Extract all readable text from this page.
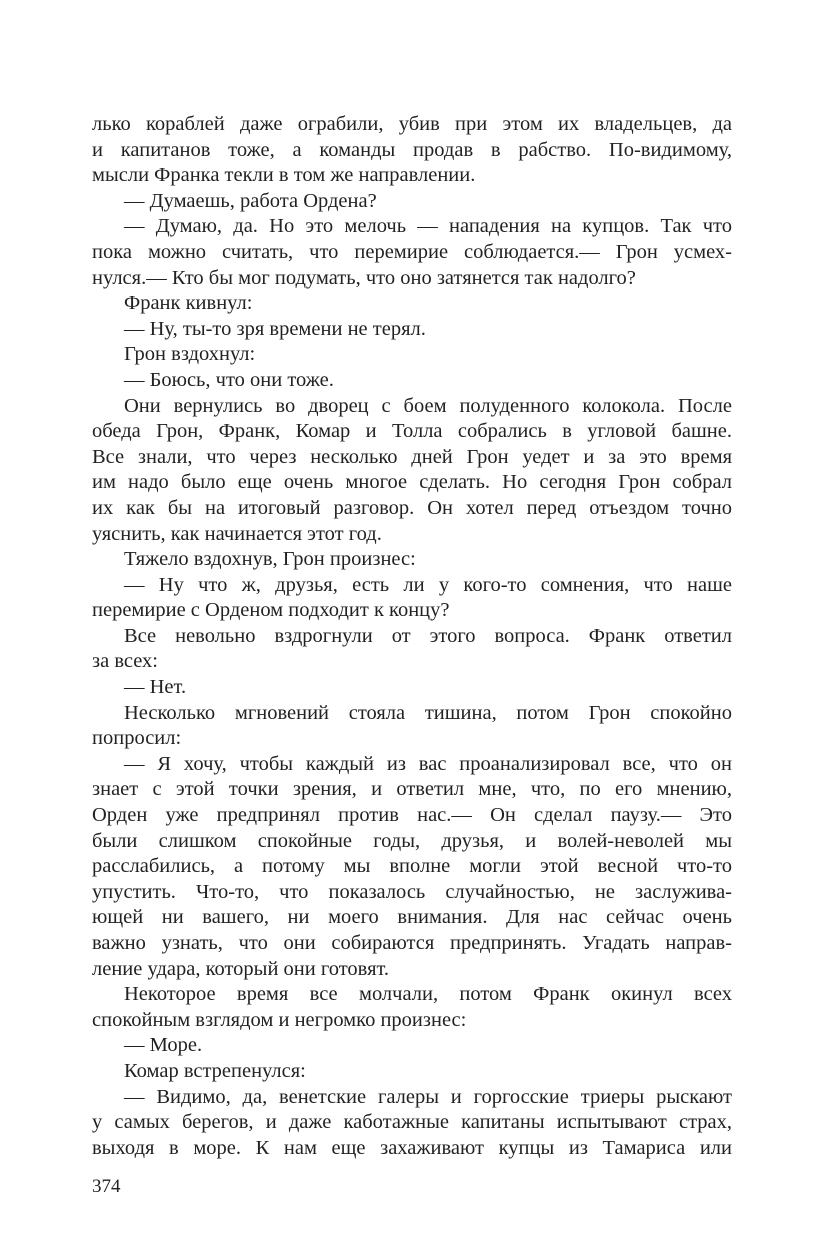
лько кораблей даже ограбили, убив при этом их владельцев, да
и капитанов тоже, а команды продав в рабство. По-видимому,
мысли Франка текли в том же направлении.
— Думаешь, работа Ордена?
— Думаю, да. Но это мелочь — нападения на купцов. Так что
пока можно считать, что перемирие соблюдается.— Грон усмех-
нулся.— Кто бы мог подумать, что оно затянется так надолго?
Франк кивнул:
— Ну, ты-то зря времени не терял.
Грон вздохнул:
— Боюсь, что они тоже.
Они вернулись во дворец с боем полуденного колокола. После
обеда Грон, Франк, Комар и Толла собрались в угловой башне.
Все знали, что через несколько дней Грон уедет и за это время
им надо было еще очень многое сделать. Но сегодня Грон собрал
их как бы на итоговый разговор. Он хотел перед отъездом точно
уяснить, как начинается этот год.
Тяжело вздохнув, Грон произнес:
— Ну что ж, друзья, есть ли у кого-то сомнения, что наше
перемирие с Орденом подходит к концу?
Все невольно вздрогнули от этого вопроса. Франк ответил
за всех:
— Нет.
Несколько мгновений стояла тишина, потом Грон спокойно
попросил:
— Я хочу, чтобы каждый из вас проанализировал все, что он
знает с этой точки зрения, и ответил мне, что, по его мнению,
Орден уже предпринял против нас.— Он сделал паузу.— Это
были слишком спокойные годы, друзья, и волей-неволей мы
расслабились, а потому мы вполне могли этой весной что-то
упустить. Что-то, что показалось случайностью, не заслужива-
ющей ни вашего, ни моего внимания. Для нас сейчас очень
важно узнать, что они собираются предпринять. Угадать направ-
ление удара, который они готовят.
Некоторое время все молчали, потом Франк окинул всех
спокойным взглядом и негромко произнес:
— Море.
Комар встрепенулся:
— Видимо, да, венетские галеры и горгосские триеры рыскают
у самых берегов, и даже каботажные капитаны испытывают страх,
выходя в море. К нам еще захаживают купцы из Тамариса или
374
